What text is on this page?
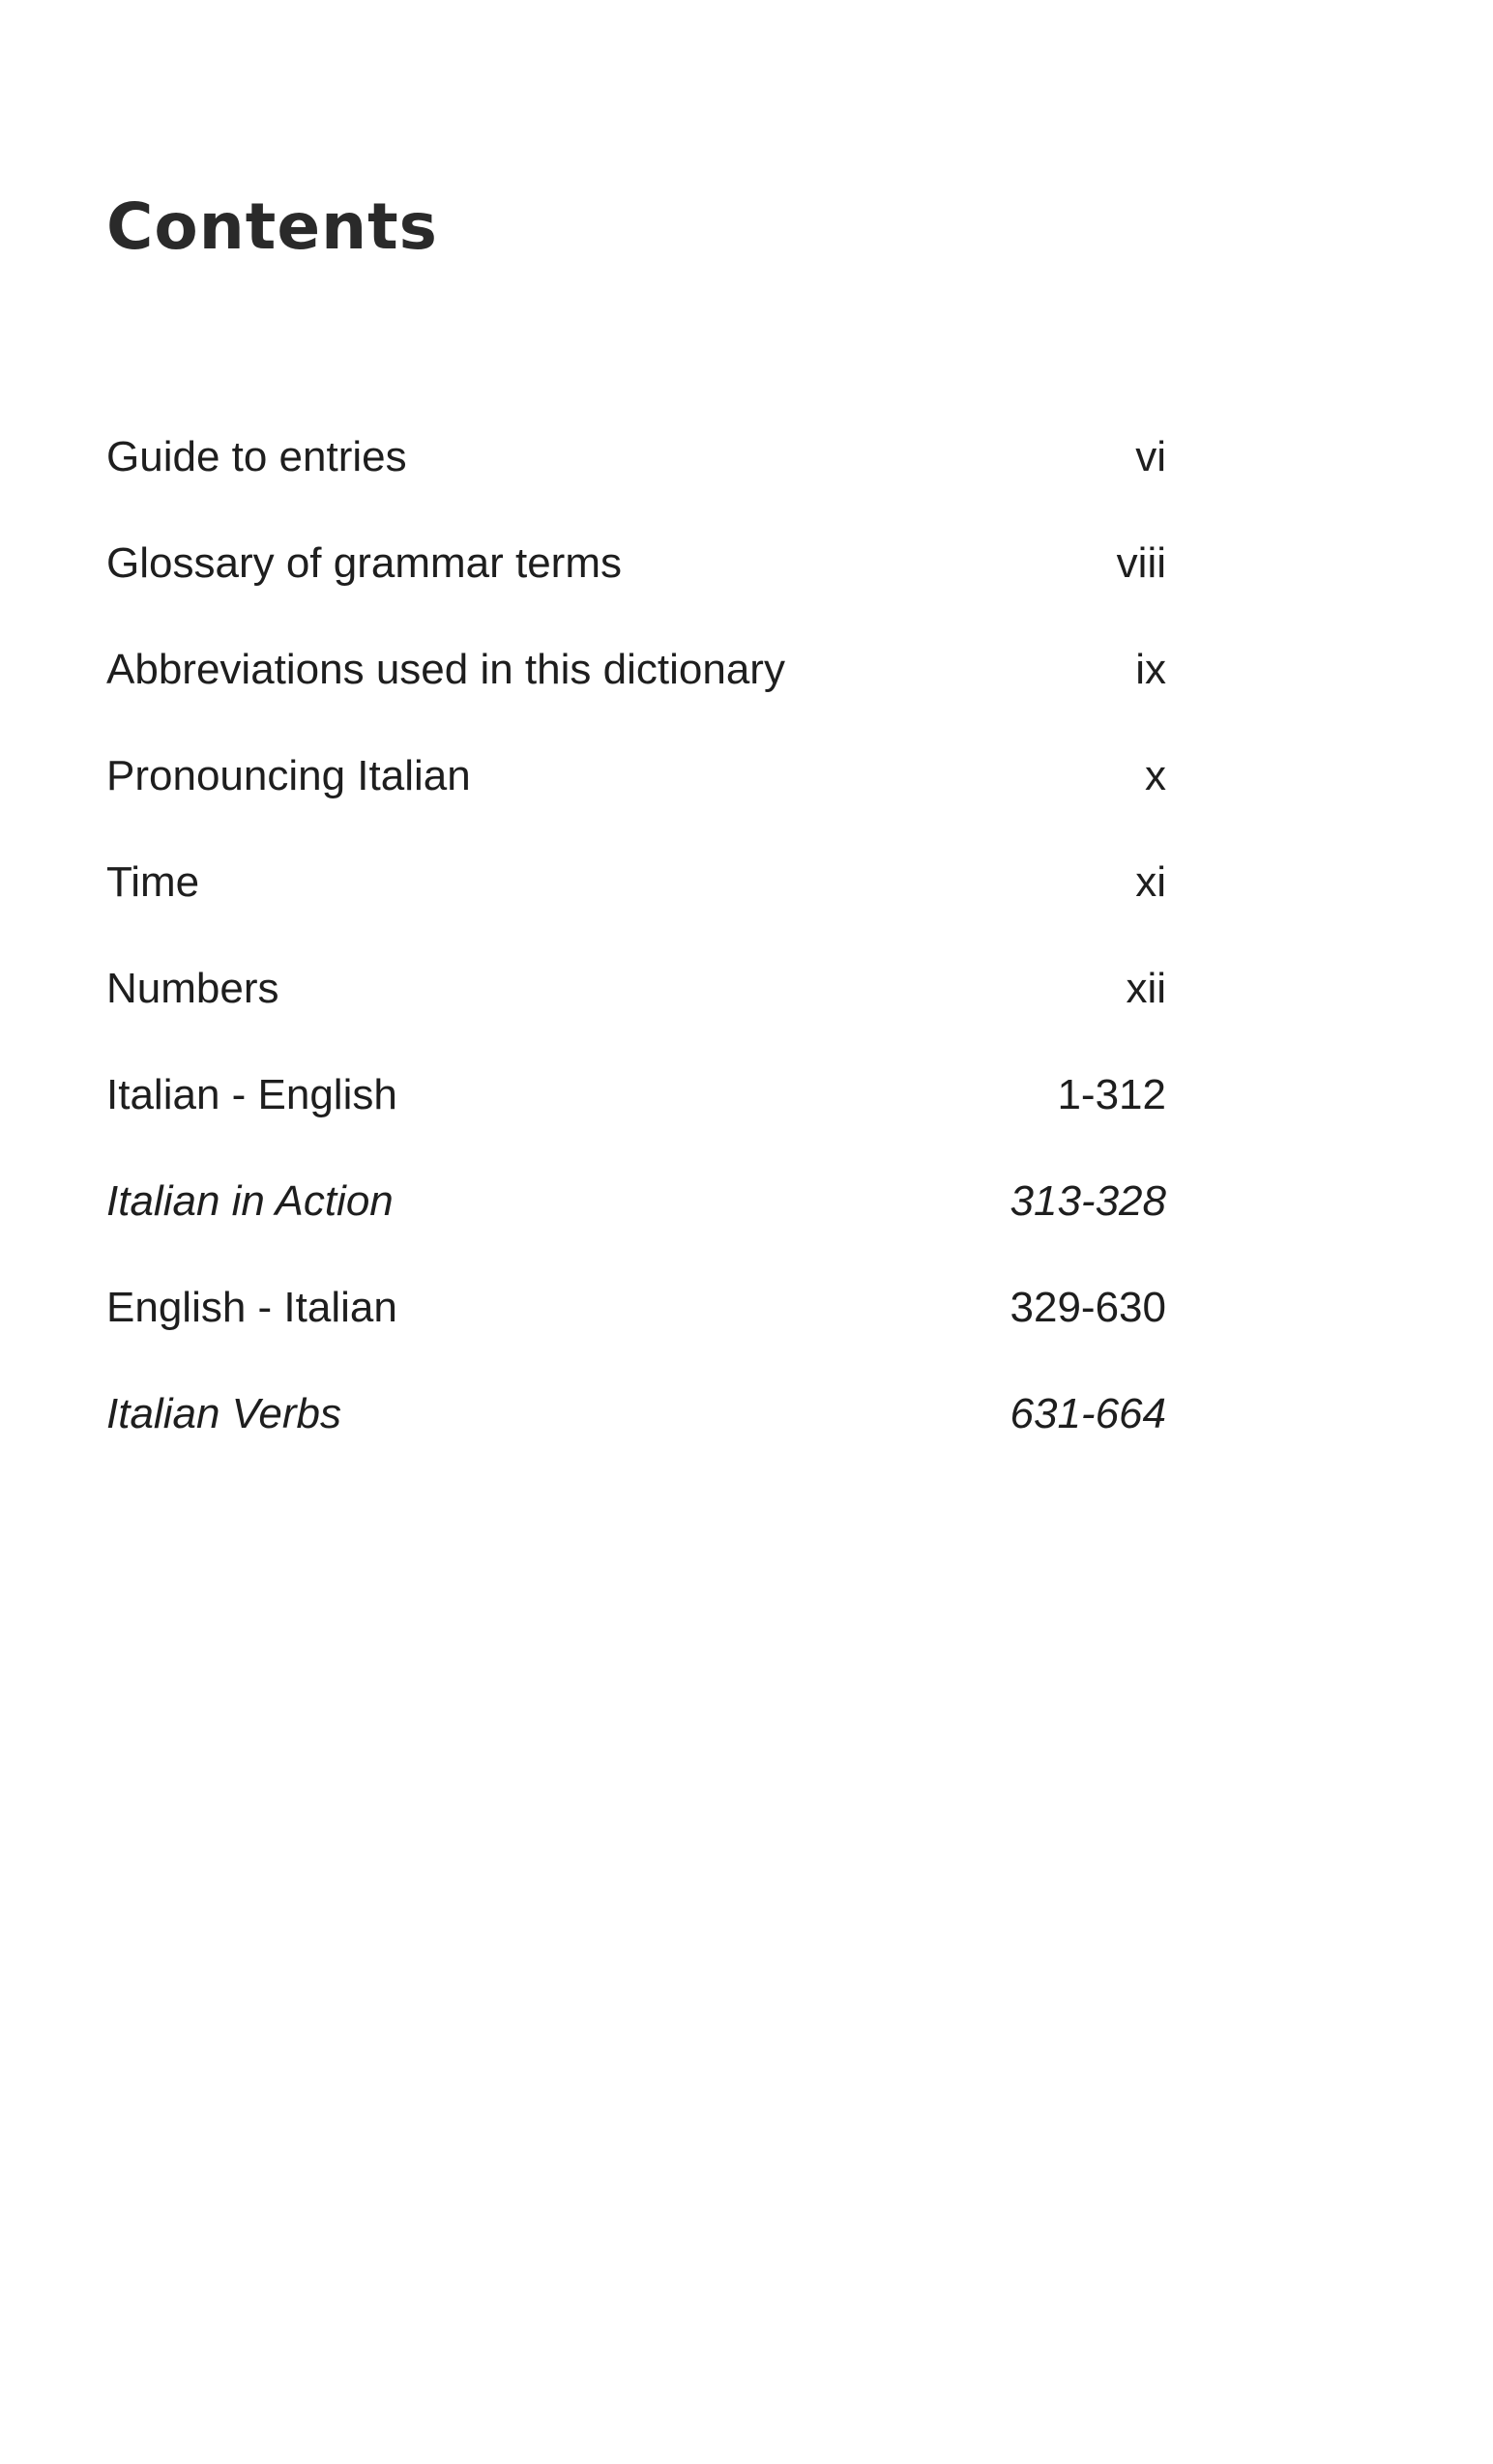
Contents
Guide to entries	vi
Glossary of grammar terms	viii
Abbreviations used in this dictionary	ix
Pronouncing Italian	x
Time	xi
Numbers	xii
Italian - English	1-312
Italian in Action	313-328
English - Italian	329-630
Italian Verbs	631-664
